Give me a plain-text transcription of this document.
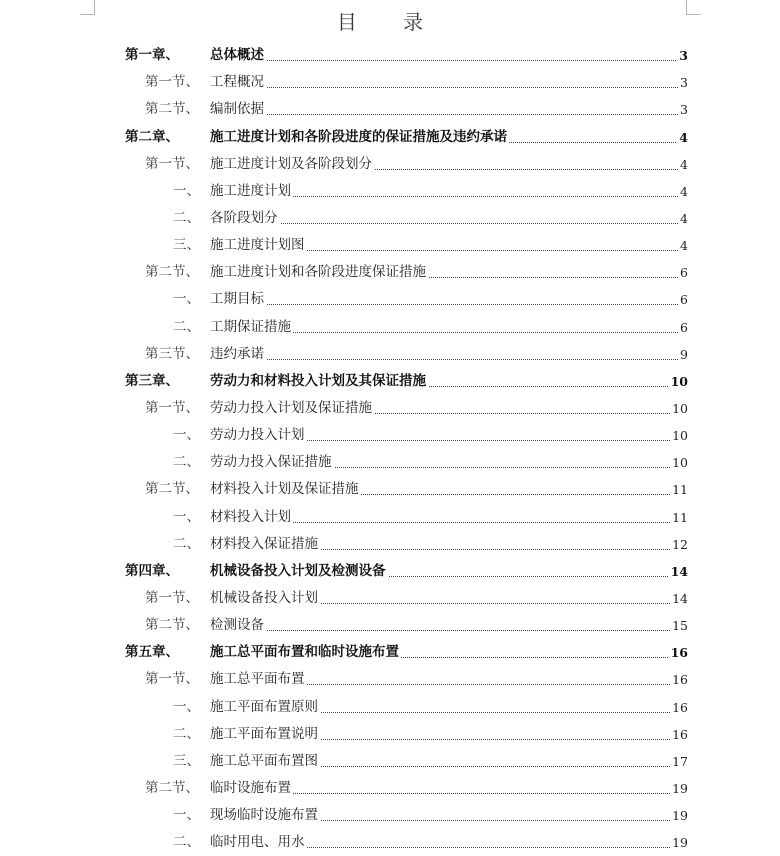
目 录
第一章、 总体概述	3
第一节、 工程概况	3
第二节、 编制依据	3
第二章、 施工进度计划和各阶段进度的保证措施及违约承诺	4
第一节、 施工进度计划及各阶段划分	4
一、 施工进度计划	4
二、 各阶段划分	4
三、 施工进度计划图	4
第二节、 施工进度计划和各阶段进度保证措施	6
一、 工期目标	6
二、 工期保证措施	6
第三节、 违约承诺	9
第三章、 劳动力和材料投入计划及其保证措施	10
第一节、 劳动力投入计划及保证措施	10
一、 劳动力投入计划	10
二、 劳动力投入保证措施	10
第二节、 材料投入计划及保证措施	11
一、 材料投入计划	11
二、 材料投入保证措施	12
第四章、 机械设备投入计划及检测设备	14
第一节、 机械设备投入计划	14
第二节、 检测设备	15
第五章、 施工总平面布置和临时设施布置	16
第一节、 施工总平面布置	16
一、 施工平面布置原则	16
二、 施工平面布置说明	16
三、 施工总平面布置图	17
第二节、 临时设施布置	19
一、 现场临时设施布置	19
二、 临时用电、用水	19
